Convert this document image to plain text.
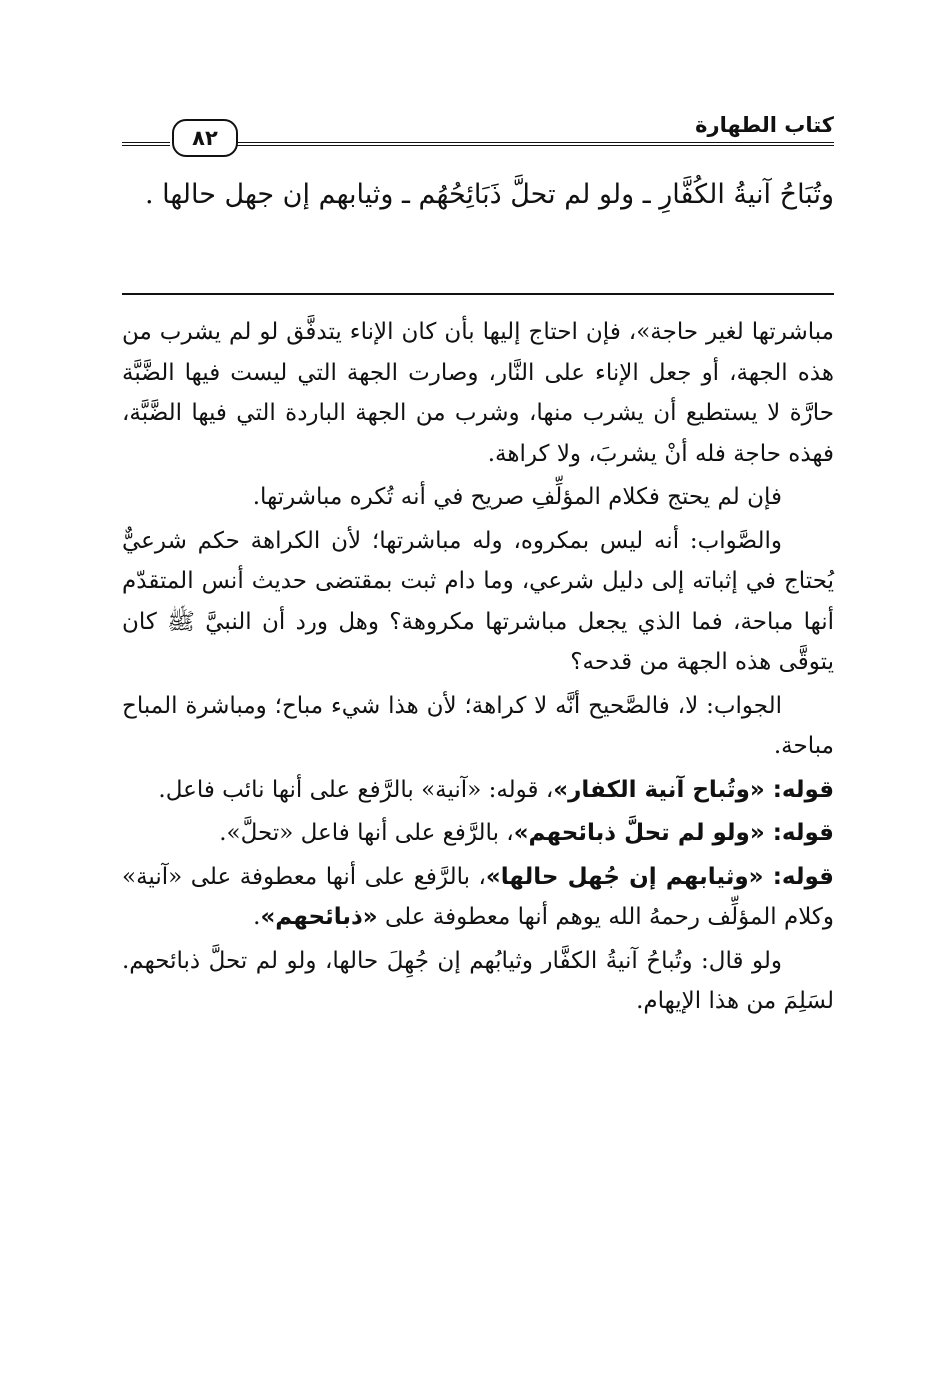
كتاب الطهارة
٨٢

وتُبَاحُ آنيةُ الكُفَّارِ ـ ولو لم تحلَّ ذَبَائِحُهُم ـ وثيابهم إن جهل حالها .

مباشرتها لغير حاجة»، فإن احتاج إليها بأن كان الإناء يتدفَّق لو لم يشرب من هذه الجهة، أو جعل الإناء على النَّار، وصارت الجهة التي ليست فيها الضَّبَّة حارَّة لا يستطيع أن يشرب منها، وشرب من الجهة الباردة التي فيها الضَّبَّة، فهذه حاجة فله أنْ يشربَ، ولا كراهة.

فإن لم يحتج فكلام المؤلِّفِ صريح في أنه تُكره مباشرتها.

والصَّواب: أنه ليس بمكروه، وله مباشرتها؛ لأن الكراهة حكم شرعيٌّ يُحتاج في إثباته إلى دليل شرعي، وما دام ثبت بمقتضى حديث أنس المتقدّم أنها مباحة، فما الذي يجعل مباشرتها مكروهة؟ وهل ورد أن النبيَّ ﷺ كان يتوقَّى هذه الجهة من قدحه؟

الجواب: لا، فالصَّحيح أنَّه لا كراهة؛ لأن هذا شيء مباح؛ ومباشرة المباح مباحة.

قوله: «وتُباح آنية الكفار»، قوله: «آنية» بالرَّفع على أنها نائب فاعل.

قوله: «ولو لم تحلَّ ذبائحهم»، بالرَّفع على أنها فاعل «تحلَّ».

قوله: «وثيابهم إن جُهل حالها»، بالرَّفع على أنها معطوفة على «آنية» وكلام المؤلِّف رحمهُ الله يوهم أنها معطوفة على «ذبائحهم».

ولو قال: وتُباحُ آنيةُ الكفَّار وثيابُهم إن جُهِلَ حالها، ولو لم تحلَّ ذبائحهم. لسَلِمَ من هذا الإيهام.
